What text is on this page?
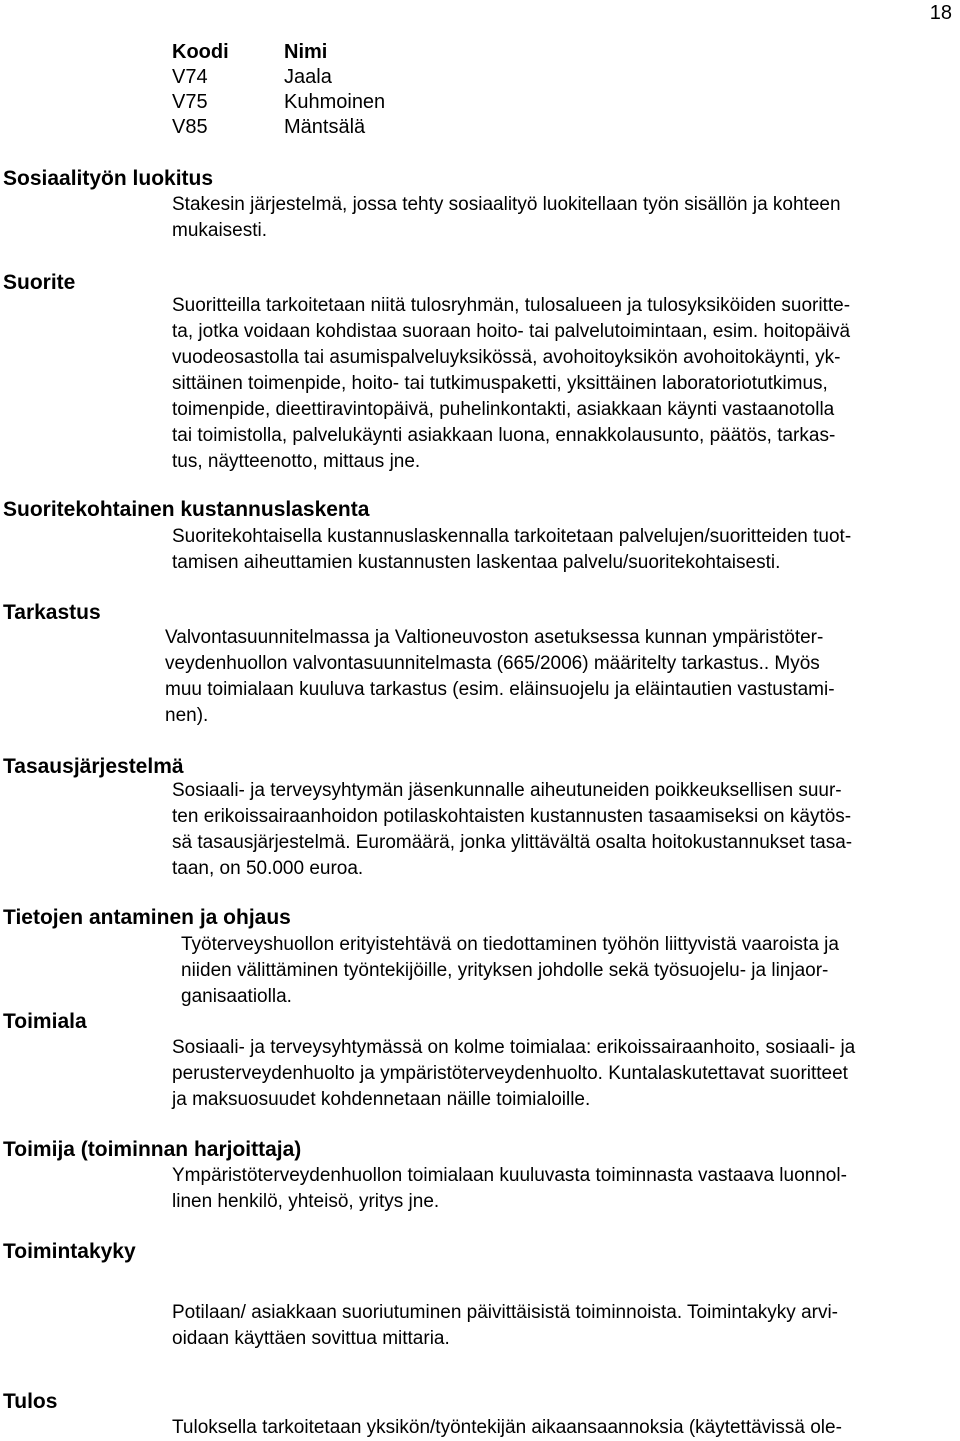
18
Koodi	Nimi
V74	Jaala
V75	Kuhmoinen
V85	Mäntsälä
Sosiaalityön luokitus
Stakesin järjestelmä, jossa tehty sosiaalityö luokitellaan työn sisällön ja kohteen
mukaisesti.
Suorite
Suoritteilla tarkoitetaan niitä tulosryhmän, tulosalueen ja tulosyksiköiden suoritte-
ta, jotka voidaan kohdistaa suoraan hoito- tai palvelutoimintaan, esim. hoitopäivä
vuodeosastolla tai asumispalveluyksikössä, avohoitoyksikön avohoitokäynti, yk-
sittäinen toimenpide, hoito- tai tutkimuspaketti, yksittäinen laboratoriotutkimus,
toimenpide, dieettiravintopäivä, puhelinkontakti, asiakkaan käynti vastaanotolla
tai toimistolla, palvelukäynti asiakkaan luona, ennakkolausunto, päätös, tarkas-
tus, näytteenotto, mittaus jne.
Suoritekohtainen kustannuslaskenta
Suoritekohtaisella kustannuslaskennalla tarkoitetaan palvelujen/suoritteiden tuot-
tamisen aiheuttamien kustannusten laskentaa palvelu/suoritekohtaisesti.
Tarkastus
Valvontasuunnitelmassa ja Valtioneuvoston asetuksessa kunnan ympäristöter-
veydenhuollon valvontasuunnitelmasta (665/2006) määritelty tarkastus.. Myös
muu toimialaan kuuluva tarkastus (esim. eläinsuojelu ja eläintautien vastustami-
nen).
Tasausjärjestelmä
Sosiaali- ja terveysyhtymän jäsenkunnalle aiheutuneiden poikkeuksellisen suur-
ten erikoissairaanhoidon potilaskohtaisten kustannusten tasaamiseksi on käytös-
sä tasausjärjestelmä. Euromäärä, jonka ylittävältä osalta hoitokustannukset tasa-
taan, on 50.000 euroa.
Tietojen antaminen ja ohjaus
Työterveyshuollon erityistehtävä on tiedottaminen työhön liittyvistä vaaroista ja
niiden välittäminen työntekijöille, yrityksen johdolle sekä työsuojelu- ja linjaor-
ganisaatiolla.
Toimiala
Sosiaali- ja terveysyhtymässä on kolme toimialaa: erikoissairaanhoito, sosiaali- ja
perusterveydenhuolto ja ympäristöterveydenhuolto. Kuntalaskutettavat suoritteet
ja maksuosuudet kohdennetaan näille toimialoille.
Toimija (toiminnan harjoittaja)
Ympäristöterveydenhuollon toimialaan kuuluvasta toiminnasta vastaava luonnol-
linen henkilö, yhteisö, yritys jne.
Toimintakyky
Potilaan/ asiakkaan suoriutuminen päivittäisistä toiminnoista. Toimintakyky arvi-
oidaan käyttäen sovittua mittaria.
Tulos
Tuloksella tarkoitetaan yksikön/työntekijän aikaansaannoksia (käytettävissä ole-
